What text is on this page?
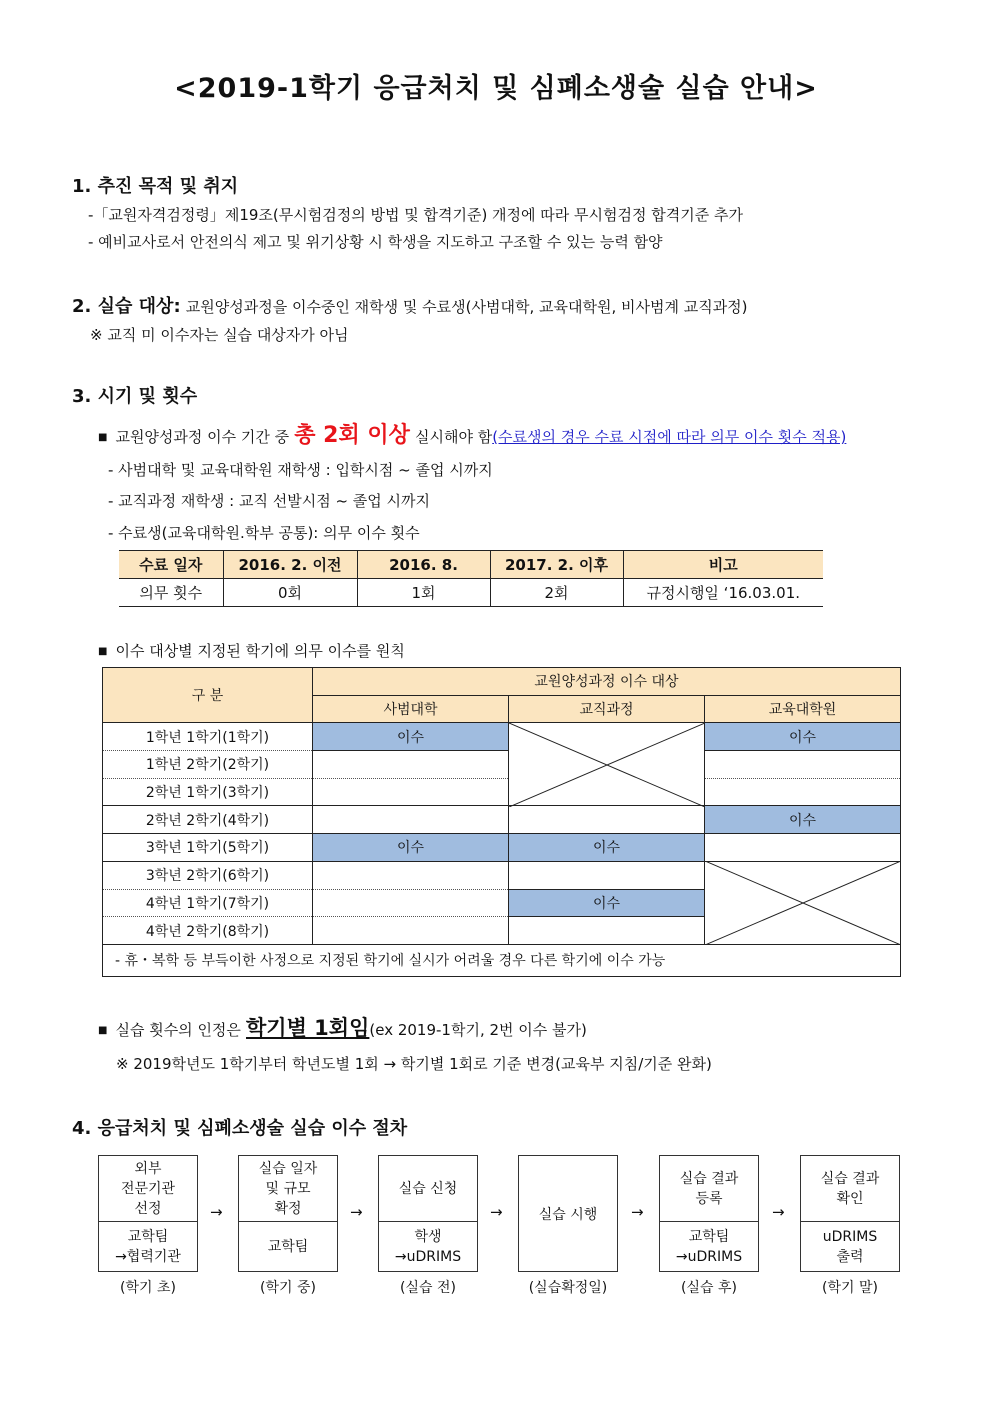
<2019-1학기 응급처치 및 심폐소생술 실습 안내>
1. 추진 목적 및 취지
-「교원자격검정령」제19조(무시험검정의 방법 및 합격기준) 개정에 따라 무시험검정 합격기준 추가
- 예비교사로서 안전의식 제고 및 위기상황 시 학생을 지도하고 구조할 수 있는 능력 함양
2. 실습 대상: 교원양성과정을 이수중인 재학생 및 수료생(사범대학, 교육대학원, 비사범계 교직과정)
※ 교직 미 이수자는 실습 대상자가 아님
3. 시기 및 횟수
■ 교원양성과정 이수 기간 중 총 2회 이상 실시해야 함(수료생의 경우 수료 시점에 따라 의무 이수 횟수 적용)
- 사범대학 및 교육대학원 재학생 : 입학시점 ~ 졸업 시까지
- 교직과정 재학생 : 교직 선발시점 ~ 졸업 시까지
- 수료생(교육대학원.학부 공통): 의무 이수 횟수
수료 일자	2016. 2. 이전	2016. 8.	2017. 2. 이후	비고
의무 횟수	0회	1회	2회	규정시행일 ‘16.03.01.
■ 이수 대상별 지정된 학기에 의무 이수를 원칙
구 분	교원양성과정 이수 대상		
	사범대학	교직과정	교육대학원
1학년 1학기(1학기)	이수		이수
1학년 2학기(2학기)			
2학년 1학기(3학기)			
2학년 2학기(4학기)			이수
3학년 1학기(5학기)	이수	이수	
3학년 2학기(6학기)			
4학년 1학기(7학기)		이수	
4학년 2학기(8학기)			
- 휴・복학 등 부득이한 사정으로 지정된 학기에 실시가 어려울 경우 다른 학기에 이수 가능			
■ 실습 횟수의 인정은 학기별 1회임(ex 2019-1학기, 2번 이수 불가)
※ 2019학년도 1학기부터 학년도별 1회 → 학기별 1회로 기준 변경(교육부 지침/기준 완화)
4. 응급처치 및 심폐소생술 실습 이수 절차
외부
전문기관
선정
교학팀
→협력기관
실습 일자
및 규모
확정
교학팀
실습 신청
학생
→uDRIMS
실습 시행
실습 결과
등록
교학팀
→uDRIMS
실습 결과
확인
uDRIMS
출력
→	→	→	→	→
(학기 초)	(학기 중)	(실습 전)	(실습확정일)	(실습 후)	(학기 말)
